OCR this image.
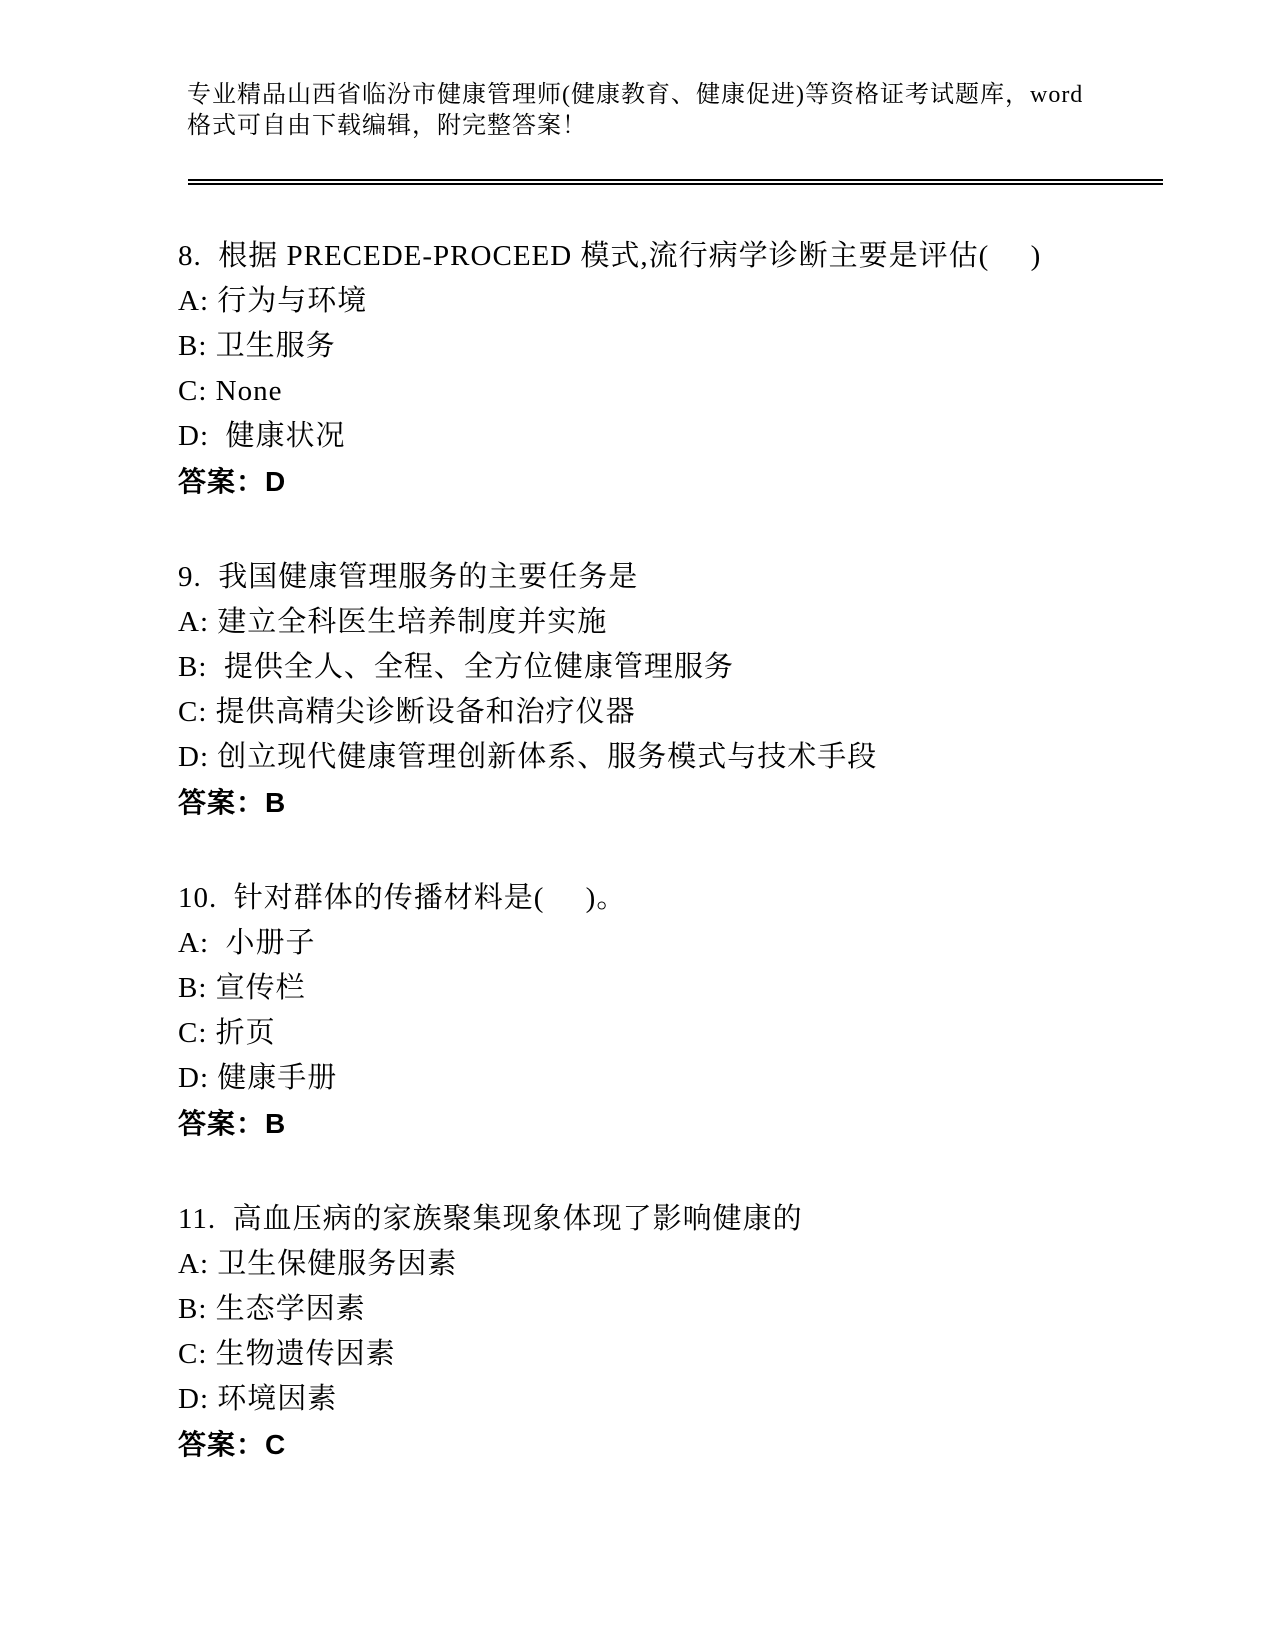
专业精品山西省临汾市健康管理师(健康教育、健康促进)等资格证考试题库，word
格式可自由下载编辑，附完整答案！
8.  根据 PRECEDE-PROCEED 模式,流行病学诊断主要是评估(     )
A: 行为与环境
B: 卫生服务
C: None
D:  健康状况
答案：D
9.  我国健康管理服务的主要任务是
A: 建立全科医生培养制度并实施
B:  提供全人、全程、全方位健康管理服务
C: 提供高精尖诊断设备和治疗仪器
D: 创立现代健康管理创新体系、服务模式与技术手段
答案：B
10.  针对群体的传播材料是(     )。
A:  小册子
B: 宣传栏
C: 折页
D: 健康手册
答案：B
11.  高血压病的家族聚集现象体现了影响健康的
A: 卫生保健服务因素
B: 生态学因素
C: 生物遗传因素
D: 环境因素
答案：C
